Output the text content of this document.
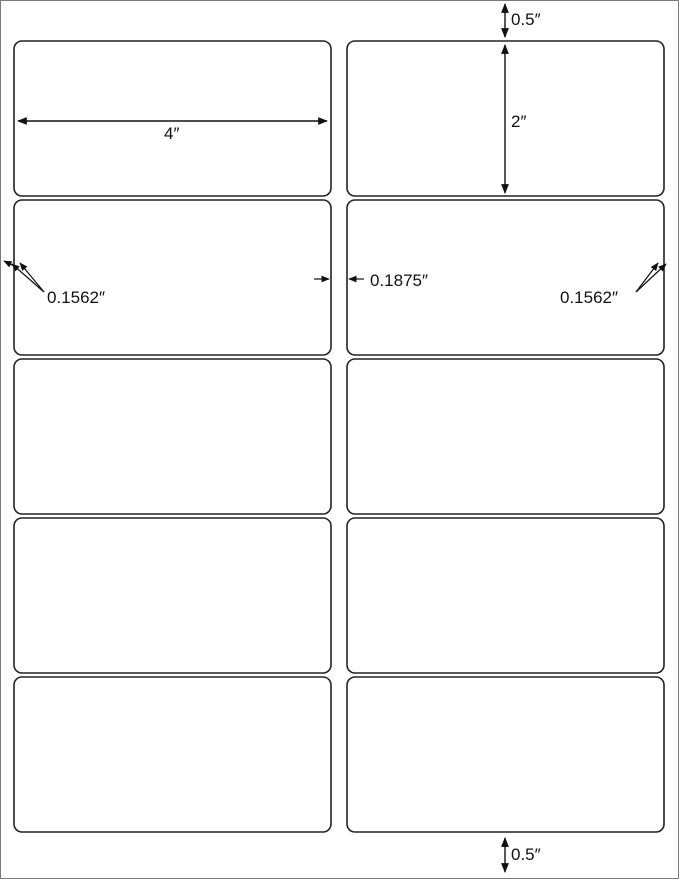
0.5″
4″
2″
0.1562″
0.1875″
0.1562″
0.5″
